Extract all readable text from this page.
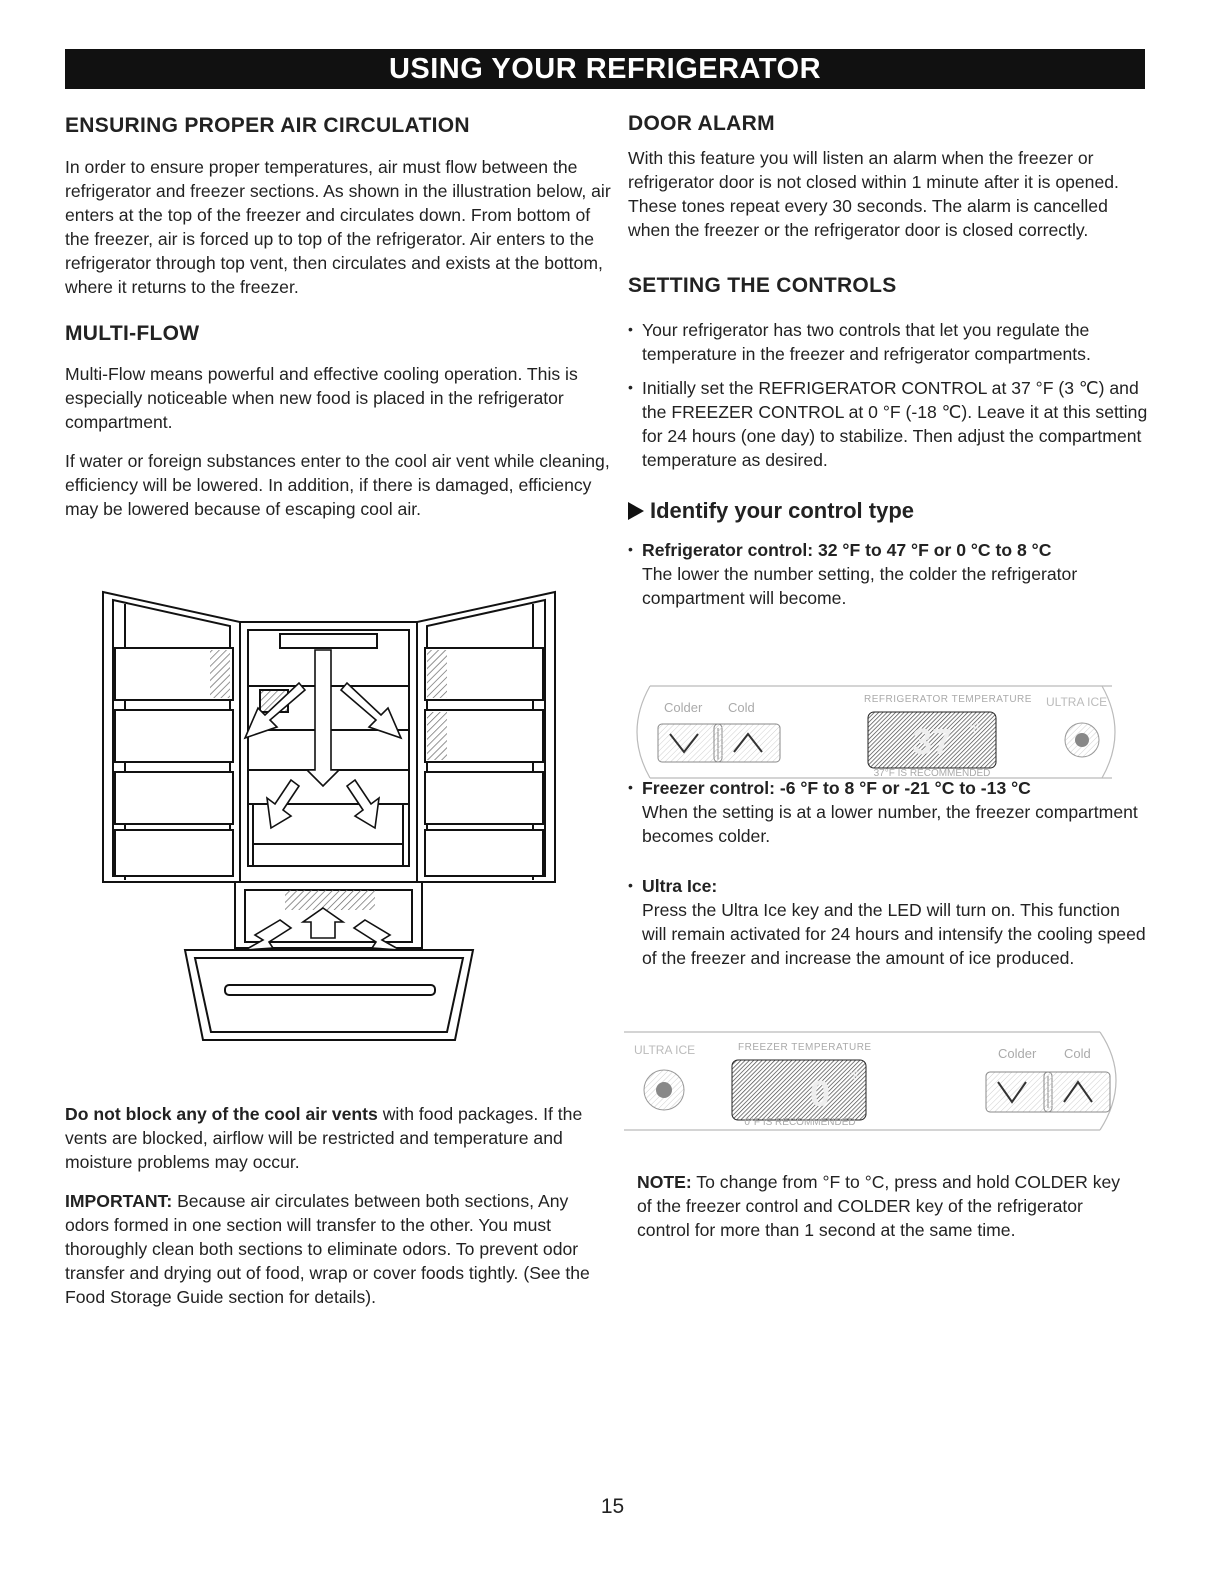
USING YOUR REFRIGERATOR
ENSURING PROPER AIR CIRCULATION

In order to ensure proper temperatures, air must flow between the refrigerator and freezer sections. As shown in the illustration below, air enters at the top of the freezer and circulates down. From bottom of the freezer, air is forced up to top of the refrigerator. Air enters to the refrigerator through top vent, then circulates and exists at the bottom, where it returns to the freezer.

MULTI-FLOW

Multi-Flow means powerful and effective cooling operation. This is especially noticeable when new food is placed in the refrigerator compartment.

If water or foreign substances enter to the cool air vent while cleaning, efficiency will be lowered. In addition, if there is damaged, efficiency may be lowered because of escaping cool air.

Do not block any of the cool air vents with food packages. If the vents are blocked, airflow will be restricted and temperature and moisture problems may occur.

IMPORTANT: Because air circulates between both sections, Any odors formed in one section will transfer to the other. You must thoroughly clean both sections to eliminate odors. To prevent odor transfer and drying out of food, wrap or cover foods tightly. (See the Food Storage Guide section for details).

DOOR ALARM

With this feature you will listen an alarm when the freezer or refrigerator door is not closed within 1 minute after it is opened. These tones repeat every 30 seconds. The alarm is cancelled when the freezer or the refrigerator door is closed correctly.

SETTING THE CONTROLS
• Your refrigerator has two controls that let you regulate the temperature in the freezer and refrigerator compartments.
• Initially set the REFRIGERATOR CONTROL at 37 °F (3 ℃) and the FREEZER CONTROL at 0 °F (-18 ℃). Leave it at this setting for 24 hours (one day) to stabilize. Then adjust the compartment temperature as desired.
Identify your control type
• Refrigerator control: 32 °F to 47 °F or 0 °C to 8 °C
The lower the number setting, the colder the refrigerator compartment will become.
Colder Cold
REFRIGERATOR TEMPERATURE ULTRA ICE
37 °F
37°F IS RECOMMENDED
• Freezer control: -6 °F to 8 °F or -21 °C to -13 °C
When the setting is at a lower number, the freezer compartment becomes colder.
• Ultra Ice:
Press the Ultra Ice key and the LED will turn on. This function will remain activated for 24 hours and intensify the cooling speed of the freezer and increase the amount of ice produced.
ULTRA ICE	FREEZER TEMPERATURE	Colder Cold
0 °F
0°F IS RECOMMENDED

NOTE: To change from °F to °C, press and hold COLDER key of the freezer control and COLDER key of the refrigerator control for more than 1 second at the same time.

15
